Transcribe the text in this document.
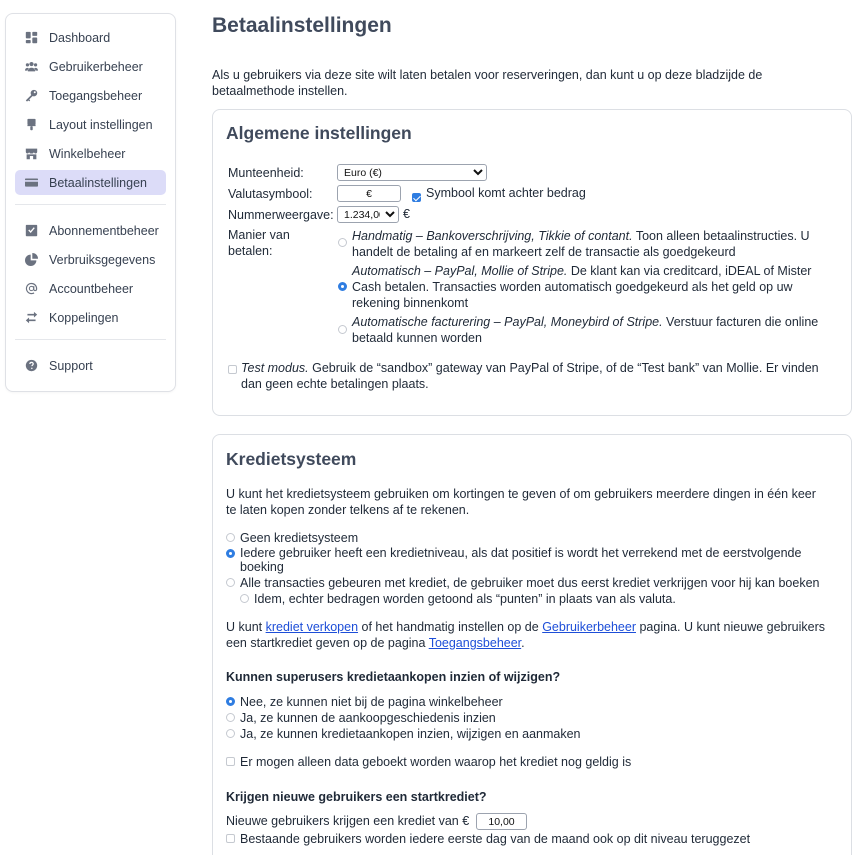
Dashboard
Gebruikerbeheer
Toegangsbeheer
Layout instellingen
Winkelbeheer
Betaalinstellingen
Abonnementbeheer
Verbruiksgegevens
Accountbeheer
Koppelingen
Support
Betaalinstellingen
Als u gebruikers via deze site wilt laten betalen voor reserveringen, dan kunt u op deze bladzijde de betaalmethode instellen.
Algemene instellingen
Munteenheid:
Euro (€)
Valutasymbool:
€	Symbool komt achter bedrag
Nummerweergave:
1.234,00	€
Manier van
betalen:
Handmatig – Bankoverschrijving, Tikkie of contant. Toon alleen betaalinstructies. U
handelt de betaling af en markeert zelf de transactie als goedgekeurd
Automatisch – PayPal, Mollie of Stripe. De klant kan via creditcard, iDEAL of Mister
Cash betalen. Transacties worden automatisch goedgekeurd als het geld op uw
rekening binnenkomt
Automatische facturering – PayPal, Moneybird of Stripe. Verstuur facturen die online
betaald kunnen worden
Test modus. Gebruik de “sandbox” gateway van PayPal of Stripe, of de “Test bank” van Mollie. Er vinden
dan geen echte betalingen plaats.
Kredietsysteem
U kunt het kredietsysteem gebruiken om kortingen te geven of om gebruikers meerdere dingen in één keer
te laten kopen zonder telkens af te rekenen.
Geen kredietsysteem
Iedere gebruiker heeft een kredietniveau, als dat positief is wordt het verrekend met de eerstvolgende
boeking
Alle transacties gebeuren met krediet, de gebruiker moet dus eerst krediet verkrijgen voor hij kan boeken
Idem, echter bedragen worden getoond als “punten” in plaats van als valuta.
U kunt krediet verkopen of het handmatig instellen op de Gebruikerbeheer pagina. U kunt nieuwe gebruikers
een startkrediet geven op de pagina Toegangsbeheer.
Kunnen superusers kredietaankopen inzien of wijzigen?
Nee, ze kunnen niet bij de pagina winkelbeheer
Ja, ze kunnen de aankoopgeschiedenis inzien
Ja, ze kunnen kredietaankopen inzien, wijzigen en aanmaken
Er mogen alleen data geboekt worden waarop het krediet nog geldig is
Krijgen nieuwe gebruikers een startkrediet?
Nieuwe gebruikers krijgen een krediet van €
10,00
Bestaande gebruikers worden iedere eerste dag van de maand ook op dit niveau teruggezet
